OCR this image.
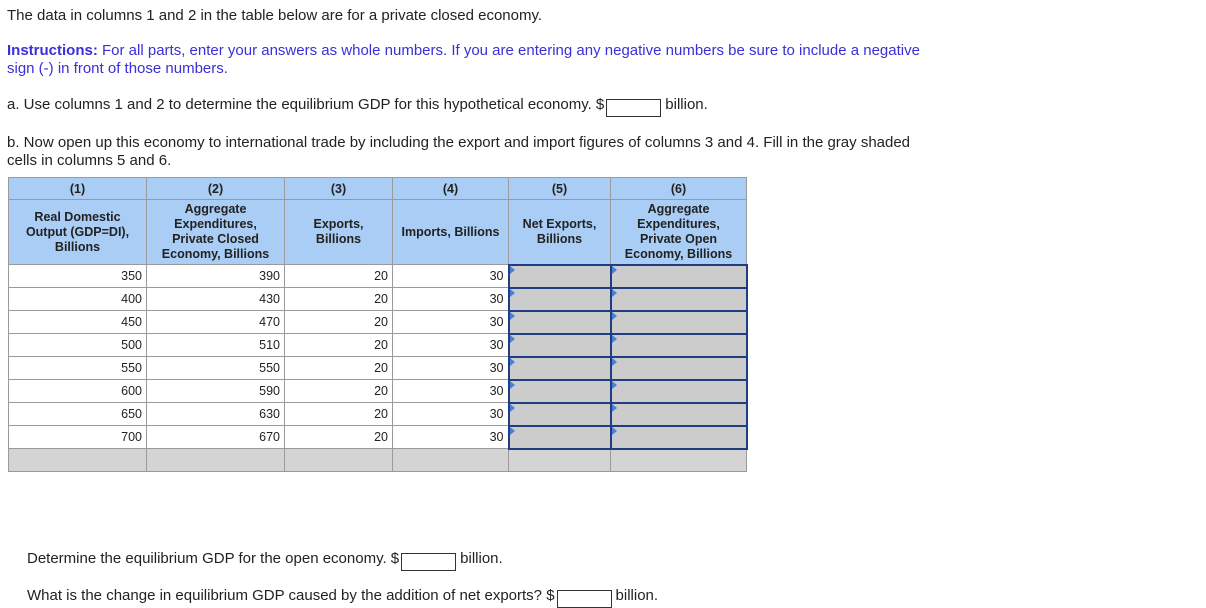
The data in columns 1 and 2 in the table below are for a private closed economy.

Instructions: For all parts, enter your answers as whole numbers. If you are entering any negative numbers be sure to include a negative sign (-) in front of those numbers.

a. Use columns 1 and 2 to determine the equilibrium GDP for this hypothetical economy. $	billion.

b. Now open up this economy to international trade by including the export and import figures of columns 3 and 4. Fill in the gray shaded cells in columns 5 and 6.

(1)	(2)	(3)	(4)	(5)	(6)
Real Domestic
Output (GDP=DI),
Billions	Aggregate
Expenditures,
Private Closed
Economy, Billions	Exports,
Billions	Imports, Billions	Net Exports,
Billions	Aggregate
Expenditures,
Private Open
Economy, Billions
350	390	20	30		
400	430	20	30		
450	470	20	30		
500	510	20	30		
550	550	20	30		
600	590	20	30		
650	630	20	30		
700	670	20	30		

Determine the equilibrium GDP for the open economy. $	billion.

What is the change in equilibrium GDP caused by the addition of net exports? $	billion.
